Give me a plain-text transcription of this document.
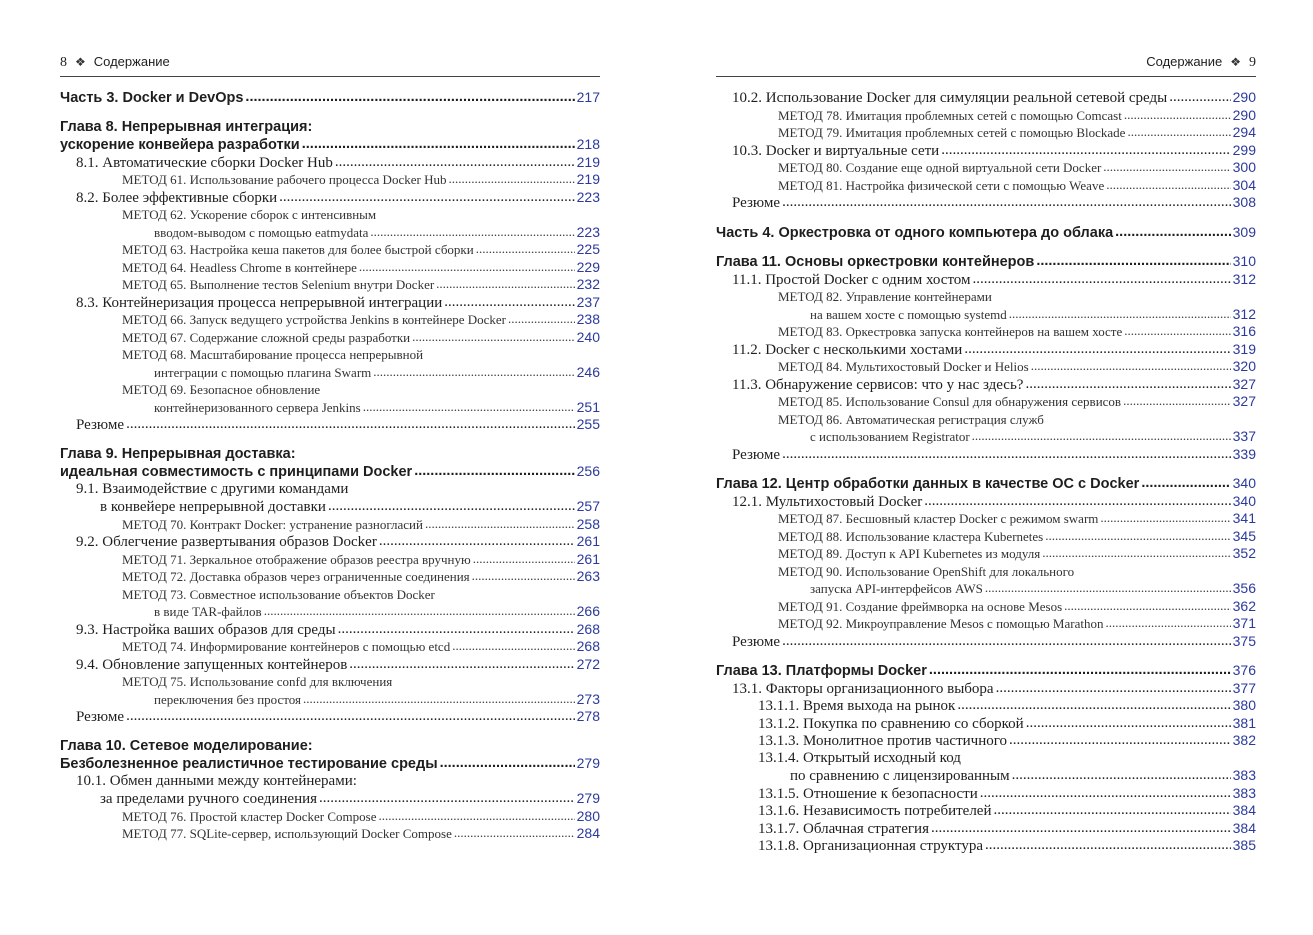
8 ❖ Содержание
Часть 3. Docker и DevOps .....	217
Глава 8. Непрерывная интеграция:
ускорение конвейера разработки .....	218
8.1. Автоматические сборки Docker Hub .....	219
МЕТОД 61. Использование рабочего процесса Docker Hub .....	219
8.2. Более эффективные сборки .....	223
МЕТОД 62. Ускорение сборок с интенсивным
вводом-выводом с помощью eatmydata .....	223
МЕТОД 63. Настройка кеша пакетов для более быстрой сборки .....	225
МЕТОД 64. Headless Chrome в контейнере .....	229
МЕТОД 65. Выполнение тестов Selenium внутри Docker .....	232
8.3. Контейнеризация процесса непрерывной интеграции .....	237
МЕТОД 66. Запуск ведущего устройства Jenkins в контейнере Docker .....	238
МЕТОД 67. Содержание сложной среды разработки .....	240
МЕТОД 68. Масштабирование процесса непрерывной
интеграции с помощью плагина Swarm .....	246
МЕТОД 69. Безопасное обновление
контейнеризованного сервера Jenkins .....	251
Резюме .....	255
Глава 9. Непрерывная доставка:
идеальная совместимость с принципами Docker .....	256
9.1. Взаимодействие с другими командами
в конвейере непрерывной доставки .....	257
МЕТОД 70. Контракт Docker: устранение разногласий .....	258
9.2. Облегчение развертывания образов Docker .....	261
МЕТОД 71. Зеркальное отображение образов реестра вручную .....	261
МЕТОД 72. Доставка образов через ограниченные соединения .....	263
МЕТОД 73. Совместное использование объектов Docker
в виде TAR-файлов .....	266
9.3. Настройка ваших образов для среды .....	268
МЕТОД 74. Информирование контейнеров с помощью etcd .....	268
9.4. Обновление запущенных контейнеров .....	272
МЕТОД 75. Использование confd для включения
переключения без простоя .....	273
Резюме .....	278
Глава 10. Сетевое моделирование:
Безболезненное реалистичное тестирование среды .....	279
10.1. Обмен данными между контейнерами:
за пределами ручного соединения .....	279
МЕТОД 76. Простой кластер Docker Compose .....	280
МЕТОД 77. SQLite-сервер, использующий Docker Compose .....	284
Содержание ❖ 9
10.2. Использование Docker для симуляции реальной сетевой среды .....	290
МЕТОД 78. Имитация проблемных сетей с помощью Comcast .....	290
МЕТОД 79. Имитация проблемных сетей с помощью Blockade .....	294
10.3. Docker и виртуальные сети .....	299
МЕТОД 80. Создание еще одной виртуальной сети Docker .....	300
МЕТОД 81. Настройка физической сети с помощью Weave .....	304
Резюме .....	308
Часть 4. Оркестровка от одного компьютера до облака .....	309
Глава 11. Основы оркестровки контейнеров .....	310
11.1. Простой Docker с одним хостом .....	312
МЕТОД 82. Управление контейнерами
на вашем хосте с помощью systemd .....	312
МЕТОД 83. Оркестровка запуска контейнеров на вашем хосте .....	316
11.2. Docker с несколькими хостами .....	319
МЕТОД 84. Мультихостовый Docker и Helios .....	320
11.3. Обнаружение сервисов: что у нас здесь? .....	327
МЕТОД 85. Использование Consul для обнаружения сервисов .....	327
МЕТОД 86. Автоматическая регистрация служб
с использованием Registrator .....	337
Резюме .....	339
Глава 12. Центр обработки данных в качестве ОС с Docker .....	340
12.1. Мультихостовый Docker .....	340
МЕТОД 87. Бесшовный кластер Docker с режимом swarm .....	341
МЕТОД 88. Использование кластера Kubernetes .....	345
МЕТОД 89. Доступ к API Kubernetes из модуля .....	352
МЕТОД 90. Использование OpenShift для локального
запуска API-интерфейсов AWS .....	356
МЕТОД 91. Создание фреймворка на основе Mesos .....	362
МЕТОД 92. Микроуправление Mesos с помощью Marathon .....	371
Резюме .....	375
Глава 13. Платформы Docker .....	376
13.1. Факторы организационного выбора .....	377
13.1.1. Время выхода на рынок .....	380
13.1.2. Покупка по сравнению со сборкой .....	381
13.1.3. Монолитное против частичного .....	382
13.1.4. Открытый исходный код
по сравнению с лицензированным .....	383
13.1.5. Отношение к безопасности .....	383
13.1.6. Независимость потребителей .....	384
13.1.7. Облачная стратегия .....	384
13.1.8. Организационная структура .....	385
